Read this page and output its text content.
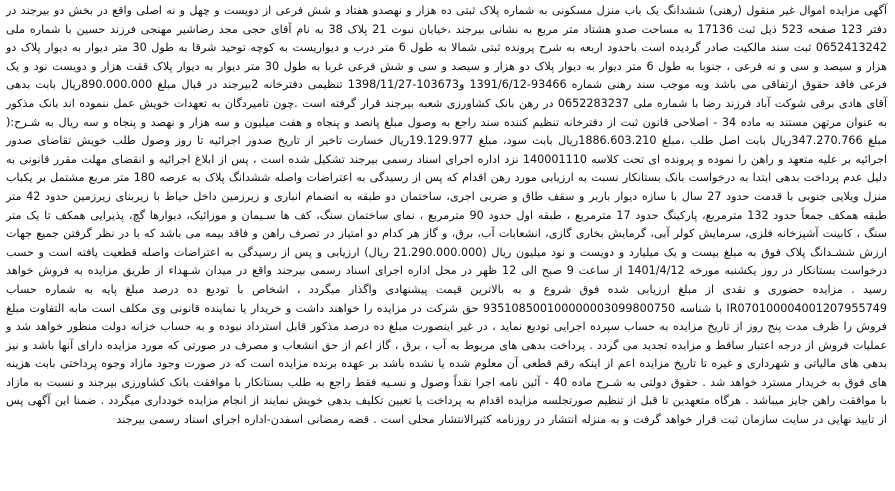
آگهی مزایده اموال غیر منقول (رهنی) ششدانگ یک باب منزل مسکونی به شماره پلاک ثبتی ده هزار و نهصدو هفتاد و شش فرعی از دویست و چهل و نه اصلی واقع در بخش دو بیرجند در دفتر 123 صفحه 523 ذیل ثبت 17136 به مساحت صدو هشتاد متر مربع به نشانی بیرجند ،خیابان نبوت 21 پلاک 38 به نام آقای حجی مجد رضاشیر مهنجی فرزند حسین با شماره ملی 0652413242 ثبت سند مالکیت صادر گردیده است باحدود اربعه به شرح پرونده ثبتی شمالا به طول 6 متر درب و دیواریست به کوچه توحید شرقا به طول 30 متر دیوار به دیوار پلاک دو هزار و سیصد و سی و نه فرعی ، جنوبا به طول 6 متر دیوار به دیوار پلاک دو هزار و سیصد و سی و شش فرعی غربا به طول 30 متر دیوار به دیوار پلاک ققت هزار و دویست نود و یک فرعی فاقد حقوق ارتفاقی می باشد وبه موجب سند رهنی شماره 93466-1391/6/12 و103673-1398/11/27 تنظیمی دفترخانه 2بیرجند در قبال مبلغ 890.000.000ریال بابت بدهی آقای هادی برقی شوکت آباد فرزند رضا با شماره ملی 0652283237 در رهن بانک کشاورزی شعبه بیرجند قرار گرفته است .چون تامیردگان به تعهدات خویش عمل ننموده اند بانک مذکور به عنوان مرتهن مستند به ماده 34 - اصلاحی قانون ثبت از دفترخانه تنظیم کننده سند راجع به وصول مبلغ پانصد و پنجاه و هفت میلیون و سه هزار و نهصد و پنجاه و سه ریال به شـرح:( مبلغ 347.270.766ریال بابت اصل طلب ،مبلغ 1886.603.210ریال بابت سود، مبلغ 19.129.977ریال خسارت تاخیر از تاریخ صدور اجرائیه تا روز وصول طلب خویش تقاضای صدور اجرائیه بر علیه متعهد و راهن را نموده و پرونده ای تحت کلاسه 140001110 نزد اداره اجرای اسناد رسمی بیرجند تشکیل شده است ، پس از ابلاغ اجرائیه و انقضای مهلت مقرر قانونی به دلیل عدم پرداخت بدهی ابتدا به درخواست بانک بستانکار نسبت به ارزیابی مورد رهن اقدام که پس از رسیدگی به اعتراضات واصله ششدانگ پلاک به عرصه 180 متر مربع مشتمل بر یکباب منزل ویلایی جنوبی با قدمت حدود 27 سال با سازه دیوار باربر و سقف طاق و ضربی اجری، ساختمان دو طبقه به انضمام انباری و زیرزمین داخل حیاط با زیربنای زیرزمین حدود 42 متر طبقه همکف جمعاً حدود 132 مترمربع، پارکینگ حدود 17 مترمربع ، طبقه اول حدود 90 مترمربع ، نمای ساختمان سنگ، کف ها سـیمان و موزائیک، دیوارها گچ، پذیرایی همکف تا یک متر سنگ ، کابینت آشپزخانه فلزی، سرمایش کولر آبی، گرمایش بخاری گازی، انشعابات آب، برق، و گاز هر کدام دو امتیاز در تصرف راهن و فاقد بیمه می باشد که با در نظر گرفتن جمیع جهات ارزش ششـدانگ پلاک فوق به مبلغ بیست و یک میلیارد و دویست و نود میلیون ریال (21.290.000.000 ریال) ارزیابی و پس از رسیدگی به اعتراضات واصله قطعیت یافته است و حسب درخواست بستانکار در روز یکشنبه مورخه 1401/4/12 از ساعت 9 صبح الی 12 ظهر در محل اداره اجرای اسناد رسمی بیرجند واقع در میدان شـهداء از طریق مزایده به فروش خواهد رسید . مزایده حضوری و نقدی از مبلغ ارزیابی شده فوق شروع و به بالاترین قیمت پیشنهادی واگذار میگردد ، اشخاص با تودیع ده درصد مبلغ پایه به شماره حساب IR070100004001207955749 با شناسه 935108500100000003099800750 حق شرکت در مزایده را خواهند داشت و خریدار یا نماینده قانونی وی مکلف است مابه التفاوت مبلغ فروش را ظرف مدت پنج روز از تاریخ مزایده به حساب سپرده اجرایی تودیع نماید ، در غیر اینصورت مبلغ ده درصد مذکور قابل استرداد نبوده و به حساب خزانه دولت منظور خواهد شد و عملیات فروش از درجه اعتبار ساقط و مزایده تجدید می گردد . پرداخت بدهی های مربوط به آب ، برق ، گاز اعم از حق انشعاب و مصرف در صورتی که مورد مزایده دارای آنها باشد و نیز بدهی های مالیاتی و شهرداری و غیره تا تاریخ مزایده اعم از اینکه رقم قطعی آن معلوم شده یا نشده باشد بر عهده برنده مزایده است که در صورت وجود مازاد وجوه پرداختی بابت هزینه های فوق به خریدار مسترد خواهد شد . حقوق دولتی به شـرح ماده 40 - آئین نامه اجرا نقداً وصول و نسـیه فقط راجع به طلب بستانکار با موافقت بانک کشاورزی بیرجند و نسبت به مازاد با موافقت راهن جایز میباشد . هرگاه متعهدین تا قبل از تنظیم صورتجلسه مزایده اقدام به پرداخت یا تعیین تکلیف بدهی خویش نمایند از انجام مزایده خودداری میگردد . ضمنا این آگهی پس از تایید نهایی در سایت سازمان ثبت قرار خواهد گرفت و به منزله انتشار در روزنامه کثیرالانتشار محلی است . قضه رمضانی اسفدن-اداره اجرای اسناد رسمی بیرجند
